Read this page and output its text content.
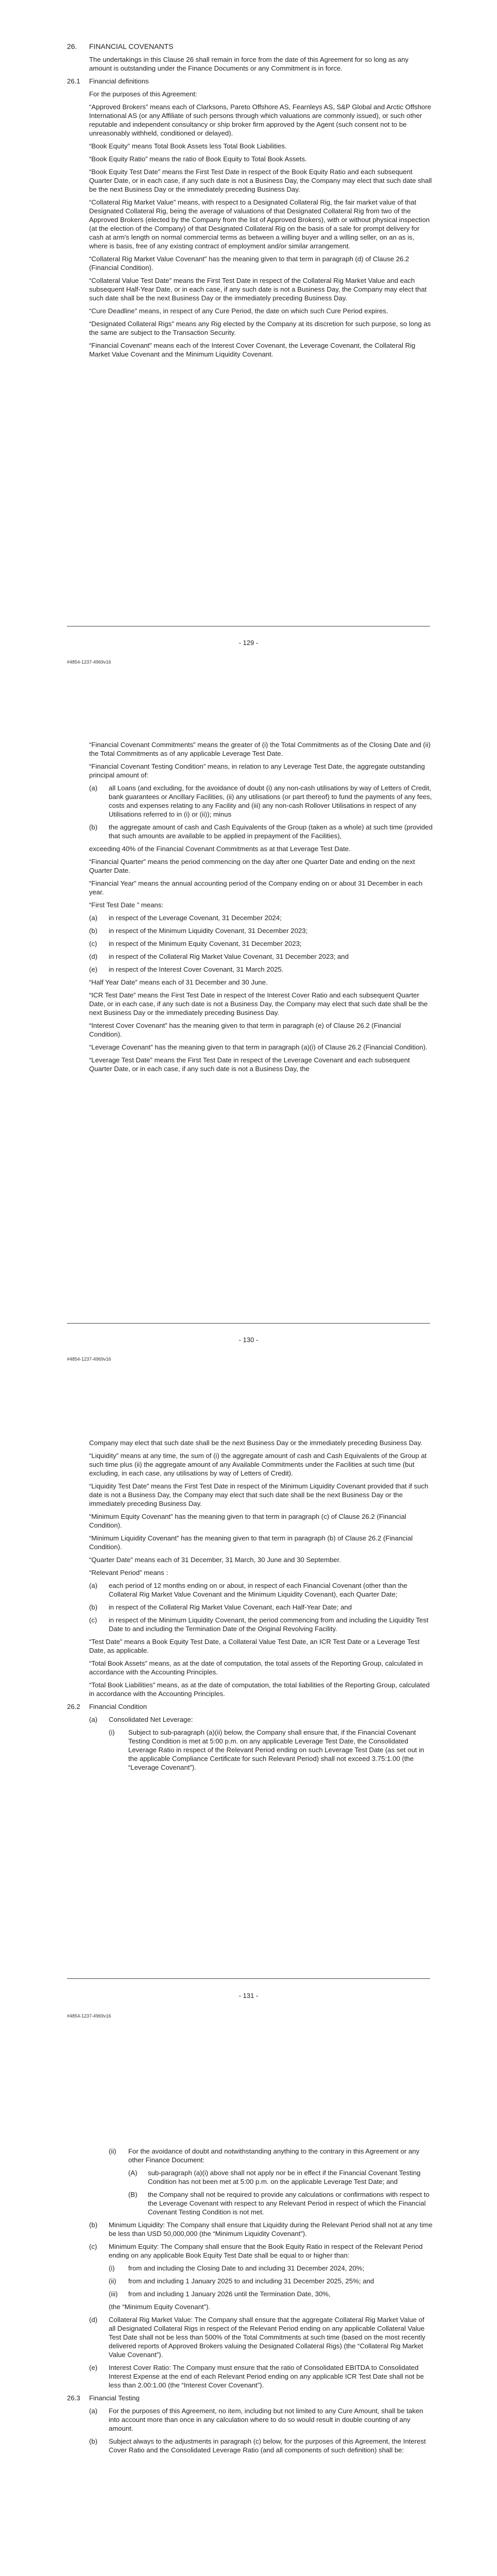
26.	FINANCIAL COVENANTS

The undertakings in this Clause 26 shall remain in force from the date of this Agreement for so long as any amount is outstanding under the Finance Documents or any Commitment is in force.

26.1	Financial definitions

For the purposes of this Agreement:

“Approved Brokers” means each of Clarksons, Pareto Offshore AS, Fearnleys AS, S&P Global and Arctic Offshore International AS (or any Affiliate of such persons through which valuations are commonly issued), or such other reputable and independent consultancy or ship broker firm approved by the Agent (such consent not to be unreasonably withheld, conditioned or delayed).

“Book Equity” means Total Book Assets less Total Book Liabilities.

“Book Equity Ratio” means the ratio of Book Equity to Total Book Assets.

“Book Equity Test Date” means the First Test Date in respect of the Book Equity Ratio and each subsequent Quarter Date, or in each case, if any such date is not a Business Day, the Company may elect that such date shall be the next Business Day or the immediately preceding Business Day.

“Collateral Rig Market Value” means, with respect to a Designated Collateral Rig, the fair market value of that Designated Collateral Rig, being the average of valuations of that Designated Collateral Rig from two of the Approved Brokers (elected by the Company from the list of Approved Brokers), with or without physical inspection (at the election of the Company) of that Designated Collateral Rig on the basis of a sale for prompt delivery for cash at arm's length on normal commercial terms as between a willing buyer and a willing seller, on an as is, where is basis, free of any existing contract of employment and/or similar arrangement.

“Collateral Rig Market Value Covenant” has the meaning given to that term in paragraph (d) of Clause 26.2 (Financial Condition).

“Collateral Value Test Date” means the First Test Date in respect of the Collateral Rig Market Value and each subsequent Half-Year Date, or in each case, if any such date is not a Business Day, the Company may elect that such date shall be the next Business Day or the immediately preceding Business Day.

“Cure Deadline” means, in respect of any Cure Period, the date on which such Cure Period expires.

“Designated Collateral Rigs” means any Rig elected by the Company at its discretion for such purpose, so long as the same are subject to the Transaction Security.

“Financial Covenant” means each of the Interest Cover Covenant, the Leverage Covenant, the Collateral Rig Market Value Covenant and the Minimum Liquidity Covenant.

- 129 -
#4854-1237-4969v16

“Financial Covenant Commitments” means the greater of (i) the Total Commitments as of the Closing Date and (ii) the Total Commitments as of any applicable Leverage Test Date.

“Financial Covenant Testing Condition” means, in relation to any Leverage Test Date, the aggregate outstanding principal amount of:

(a)	all Loans (and excluding, for the avoidance of doubt (i) any non-cash utilisations by way of Letters of Credit, bank guarantees or Ancillary Facilities, (ii) any utilisations (or part thereof) to fund the payments of any fees, costs and expenses relating to any Facility and (iii) any non-cash Rollover Utilisations in respect of any Utilisations referred to in (i) or (ii)); minus
(b)	the aggregate amount of cash and Cash Equivalents of the Group (taken as a whole) at such time (provided that such amounts are available to be applied in prepayment of the Facilities),

exceeding 40% of the Financial Covenant Commitments as at that Leverage Test Date.

“Financial Quarter” means the period commencing on the day after one Quarter Date and ending on the next Quarter Date.

“Financial Year” means the annual accounting period of the Company ending on or about 31 December in each year.

“First Test Date ” means:

(a)	in respect of the Leverage Covenant, 31 December 2024;
(b)	in respect of the Minimum Liquidity Covenant, 31 December 2023;
(c)	in respect of the Minimum Equity Covenant, 31 December 2023;
(d)	in respect of the Collateral Rig Market Value Covenant, 31 December 2023; and
(e)	in respect of the Interest Cover Covenant, 31 March 2025.

“Half Year Date” means each of 31 December and 30 June.

“ICR Test Date” means the First Test Date in respect of the Interest Cover Ratio and each subsequent Quarter Date, or in each case, if any such date is not a Business Day, the Company may elect that such date shall be the next Business Day or the immediately preceding Business Day.

“Interest Cover Covenant” has the meaning given to that term in paragraph (e) of Clause 26.2 (Financial Condition).

“Leverage Covenant” has the meaning given to that term in paragraph (a)(i) of Clause 26.2 (Financial Condition).

“Leverage Test Date” means the First Test Date in respect of the Leverage Covenant and each subsequent Quarter Date, or in each case, if any such date is not a Business Day, the

- 130 -
#4854-1237-4969v16

Company may elect that such date shall be the next Business Day or the immediately preceding Business Day.

“Liquidity” means at any time, the sum of (i) the aggregate amount of cash and Cash Equivalents of the Group at such time plus (ii) the aggregate amount of any Available Commitments under the Facilities at such time (but excluding, in each case, any utilisations by way of Letters of Credit).

“Liquidity Test Date” means the First Test Date in respect of the Minimum Liquidity Covenant provided that if such date is not a Business Day, the Company may elect that such date shall be the next Business Day or the immediately preceding Business Day.

“Minimum Equity Covenant” has the meaning given to that term in paragraph (c) of Clause 26.2 (Financial Condition).

“Minimum Liquidity Covenant” has the meaning given to that term in paragraph (b) of Clause 26.2 (Financial Condition).

“Quarter Date” means each of 31 December, 31 March, 30 June and 30 September.

“Relevant Period” means :

(a)	each period of 12 months ending on or about, in respect of each Financial Covenant (other than the Collateral Rig Market Value Covenant and the Minimum Liquidity Covenant), each Quarter Date;
(b)	in respect of the Collateral Rig Market Value Covenant, each Half-Year Date; and
(c)	in respect of the Minimum Liquidity Covenant, the period commencing from and including the Liquidity Test Date to and including the Termination Date of the Original Revolving Facility.

“Test Date” means a Book Equity Test Date, a Collateral Value Test Date, an ICR Test Date or a Leverage Test Date, as applicable.

“Total Book Assets” means, as at the date of computation, the total assets of the Reporting Group, calculated in accordance with the Accounting Principles.

“Total Book Liabilities” means, as at the date of computation, the total liabilities of the Reporting Group, calculated in accordance with the Accounting Principles.

26.2	Financial Condition
(a)	Consolidated Net Leverage:
(i)	Subject to sub-paragraph (a)(ii) below, the Company shall ensure that, if the Financial Covenant Testing Condition is met at 5:00 p.m. on any applicable Leverage Test Date, the Consolidated Leverage Ratio in respect of the Relevant Period ending on such Leverage Test Date (as set out in the applicable Compliance Certificate for such Relevant Period) shall not exceed 3.75:1.00 (the “Leverage Covenant”).
- 131 -
#4854-1237-4969v16
(ii)	For the avoidance of doubt and notwithstanding anything to the contrary in this Agreement or any other Finance Document:
(A)	sub-paragraph (a)(i) above shall not apply nor be in effect if the Financial Covenant Testing Condition has not been met at 5:00 p.m. on the applicable Leverage Test Date; and
(B)	the Company shall not be required to provide any calculations or confirmations with respect to the Leverage Covenant with respect to any Relevant Period in respect of which the Financial Covenant Testing Condition is not met.
(b)	Minimum Liquidity: The Company shall ensure that Liquidity during the Relevant Period shall not at any time be less than USD 50,000,000 (the “Minimum Liquidity Covenant”).
(c)	Minimum Equity: The Company shall ensure that the Book Equity Ratio in respect of the Relevant Period ending on any applicable Book Equity Test Date shall be equal to or higher than:
(i)	from and including the Closing Date to and including 31 December 2024, 20%;
(ii)	from and including 1 January 2025 to and including 31 December 2025, 25%; and
(iii)	from and including 1 January 2026 until the Termination Date, 30%,

(the “Minimum Equity Covenant”).

(d)	Collateral Rig Market Value: The Company shall ensure that the aggregate Collateral Rig Market Value of all Designated Collateral Rigs in respect of the Relevant Period ending on any applicable Collateral Value Test Date shall not be less than 500% of the Total Commitments at such time (based on the most recently delivered reports of Approved Brokers valuing the Designated Collateral Rigs) (the “Collateral Rig Market Value Covenant”).
(e)	Interest Cover Ratio: The Company must ensure that the ratio of Consolidated EBITDA to Consolidated Interest Expense at the end of each Relevant Period ending on any applicable ICR Test Date shall not be less than 2.00:1.00 (the “Interest Cover Covenant”).
26.3	Financial Testing
(a)	For the purposes of this Agreement, no item, including but not limited to any Cure Amount, shall be taken into account more than once in any calculation where to do so would result in double counting of any amount.
(b)	Subject always to the adjustments in paragraph (c) below, for the purposes of this Agreement, the Interest Cover Ratio and the Consolidated Leverage Ratio (and all components of such definition) shall be:
